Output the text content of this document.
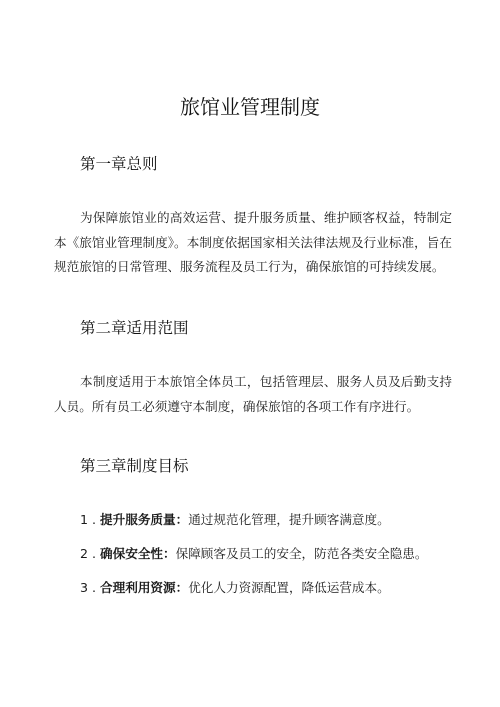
旅馆业管理制度
第一章总则

为保障旅馆业的高效运营、提升服务质量、维护顾客权益，特制定本《旅馆业管理制度》。本制度依据国家相关法律法规及行业标准，旨在规范旅馆的日常管理、服务流程及员工行为，确保旅馆的可持续发展。

第二章适用范围

本制度适用于本旅馆全体员工，包括管理层、服务人员及后勤支持人员。所有员工必须遵守本制度，确保旅馆的各项工作有序进行。

第三章制度目标
1 . 提升服务质量：通过规范化管理，提升顾客满意度。
2 . 确保安全性：保障顾客及员工的安全，防范各类安全隐患。
3 . 合理利用资源：优化人力资源配置，降低运营成本。
